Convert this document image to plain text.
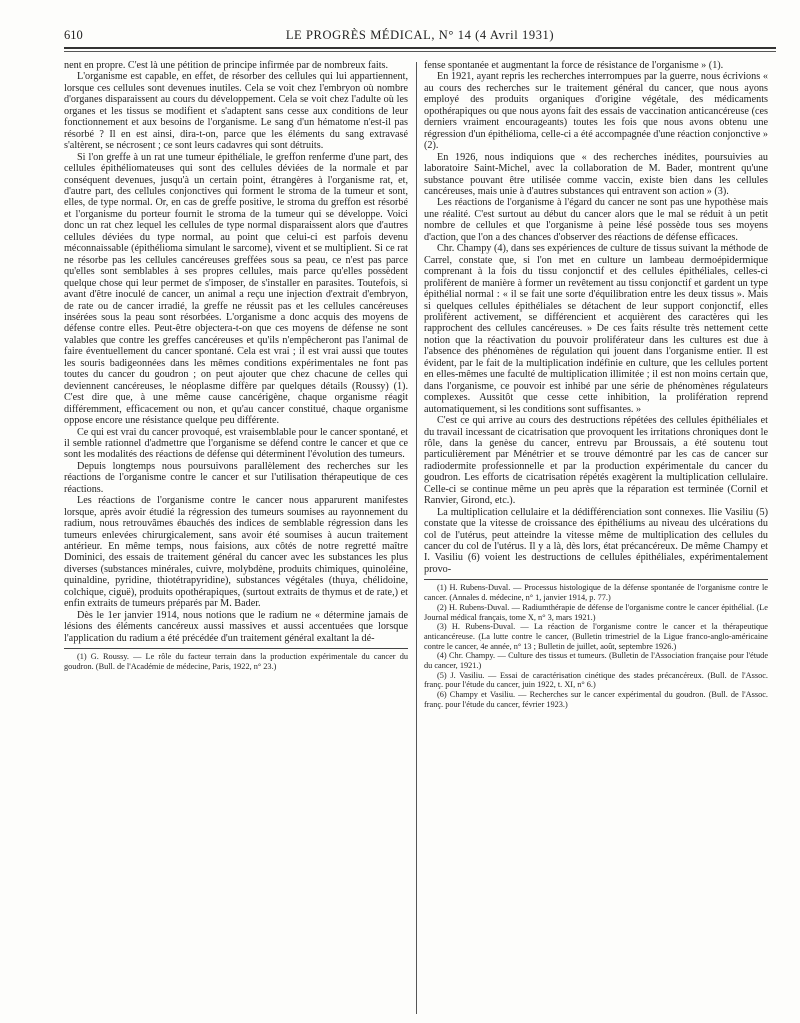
610	LE PROGRÈS MÉDICAL, N° 14 (4 Avril 1931)

nent en propre. C'est là une pétition de principe infirmée par de nombreux faits.

L'organisme est capable, en effet, de résorber des cellules qui lui appartiennent, lorsque ces cellules sont devenues inutiles. Cela se voit chez l'embryon où nombre d'organes disparaissent au cours du développement. Cela se voit chez l'adulte où les organes et les tissus se modifient et s'adaptent sans cesse aux conditions de leur fonctionnement et aux besoins de l'organisme. Le sang d'un hématome n'est-il pas résorbé ? Il en est ainsi, dira-t-on, parce que les éléments du sang extravasé s'altèrent, se nécrosent ; ce sont leurs cadavres qui sont détruits.

Si l'on greffe à un rat une tumeur épithéliale, le greffon renferme d'une part, des cellules épithéliomateuses qui sont des cellules déviées de la normale et par conséquent devenues, jusqu'à un certain point, étrangères à l'organisme rat, et, d'autre part, des cellules conjonctives qui forment le stroma de la tumeur et sont, elles, de type normal. Or, en cas de greffe positive, le stroma du greffon est résorbé et l'organisme du porteur fournit le stroma de la tumeur qui se développe. Voici donc un rat chez lequel les cellules de type normal disparaissent alors que d'autres cellules déviées du type normal, au point que celui-ci est parfois devenu méconnaissable (épithélioma simulant le sarcome), vivent et se multiplient. Si ce rat ne résorbe pas les cellules cancéreuses greffées sous sa peau, ce n'est pas parce qu'elles sont semblables à ses propres cellules, mais parce qu'elles possèdent quelque chose qui leur permet de s'imposer, de s'installer en parasites. Toutefois, si avant d'être inoculé de cancer, un animal a reçu une injection d'extrait d'embryon, de rate ou de cancer irradié, la greffe ne réussit pas et les cellules cancéreuses insérées sous la peau sont résorbées. L'organisme a donc acquis des moyens de défense contre elles. Peut-être objectera-t-on que ces moyens de défense ne sont valables que contre les greffes cancéreuses et qu'ils n'empêcheront pas l'animal de faire éventuellement du cancer spontané. Cela est vrai ; il est vrai aussi que toutes les souris badigeonnées dans les mêmes conditions expérimentales ne font pas toutes du cancer du goudron ; on peut ajouter que chez chacune de celles qui deviennent cancéreuses, le néoplasme diffère par quelques détails (Roussy) (1). C'est dire que, à une même cause cancérigène, chaque organisme réagit différemment, efficacement ou non, et qu'au cancer constitué, chaque organisme oppose encore une résistance quelque peu différente.

Ce qui est vrai du cancer provoqué, est vraisemblable pour le cancer spontané, et il semble rationnel d'admettre que l'organisme se défend contre le cancer et que ce sont les modalités des réactions de défense qui déterminent l'évolution des tumeurs.

Depuis longtemps nous poursuivons parallèlement des recherches sur les réactions de l'organisme contre le cancer et sur l'utilisation thérapeutique de ces réactions.

Les réactions de l'organisme contre le cancer nous apparurent manifestes lorsque, après avoir étudié la régression des tumeurs soumises au rayonnement du radium, nous retrouvâmes ébauchés des indices de semblable régression dans les tumeurs enlevées chirurgicalement, sans avoir été soumises à aucun traitement antérieur. En même temps, nous faisions, aux côtés de notre regretté maître Dominici, des essais de traitement général du cancer avec les substances les plus diverses (substances minérales, cuivre, molybdène, produits chimiques, quinoléine, quinaldine, pyridine, thiotétrapyridine), substances végétales (thuya, chélidoine, colchique, ciguë), produits opothérapiques, (surtout extraits de thymus et de rate,) et enfin extraits de tumeurs préparés par M. Bader.

Dès le 1er janvier 1914, nous notions que le radium ne « détermine jamais de lésions des éléments cancéreux aussi massives et aussi accentuées que lorsque l'application du radium a été précédée d'un traitement général exaltant la dé-

(1) G. Roussy. — Le rôle du facteur terrain dans la production expérimentale du cancer du goudron. (Bull. de l'Académie de médecine, Paris, 1922, n° 23.)

fense spontanée et augmentant la force de résistance de l'organisme » (1).

En 1921, ayant repris les recherches interrompues par la guerre, nous écrivions « au cours des recherches sur le traitement général du cancer, que nous ayons employé des produits organiques d'origine végétale, des médicaments opothérapiques ou que nous ayons fait des essais de vaccination anticancéreuse (ces derniers vraiment encourageants) toutes les fois que nous avons obtenu une régression d'un épithélioma, celle-ci a été accompagnée d'une réaction conjonctive » (2).

En 1926, nous indiquions que « des recherches inédites, poursuivies au laboratoire Saint-Michel, avec la collaboration de M. Bader, montrent qu'une substance pouvant être utilisée comme vaccin, existe bien dans les cellules cancéreuses, mais unie à d'autres substances qui entravent son action » (3).

Les réactions de l'organisme à l'égard du cancer ne sont pas une hypothèse mais une réalité. C'est surtout au début du cancer alors que le mal se réduit à un petit nombre de cellules et que l'organisme à peine lésé possède tous ses moyens d'action, que l'on a des chances d'observer des réactions de défense efficaces.

Chr. Champy (4), dans ses expériences de culture de tissus suivant la méthode de Carrel, constate que, si l'on met en culture un lambeau dermoépidermique comprenant à la fois du tissu conjonctif et des cellules épithéliales, celles-ci prolifèrent de manière à former un revêtement au tissu conjonctif et gardent un type épithélial normal : « il se fait une sorte d'équilibration entre les deux tissus ». Mais si quelques cellules épithéliales se détachent de leur support conjonctif, elles prolifèrent activement, se différencient et acquièrent des caractères qui les rapprochent des cellules cancéreuses. » De ces faits résulte très nettement cette notion que la réactivation du pouvoir proliférateur dans les cultures est due à l'absence des phénomènes de régulation qui jouent dans l'organisme entier. Il est évident, par le fait de la multiplication indéfinie en culture, que les cellules portent en elles-mêmes une faculté de multiplication illimitée ; il est non moins certain que, dans l'organisme, ce pouvoir est inhibé par une série de phénomènes régulateurs complexes. Aussitôt que cesse cette inhibition, la prolifération reprend automatiquement, si les conditions sont suffisantes. »

C'est ce qui arrive au cours des destructions répétées des cellules épithéliales et du travail incessant de cicatrisation que provoquent les irritations chroniques dont le rôle, dans la genèse du cancer, entrevu par Broussais, a été soutenu tout particulièrement par Ménétrier et se trouve démontré par les cas de cancer sur radiodermite professionnelle et par la production expérimentale du cancer du goudron. Les efforts de cicatrisation répétés exagèrent la multiplication cellulaire. Celle-ci se continue même un peu après que la réparation est terminée (Cornil et Ranvier, Girond, etc.).

La multiplication cellulaire et la dédifférenciation sont connexes. Ilie Vasiliu (5) constate que la vitesse de croissance des épithéliums au niveau des ulcérations du col de l'utérus, peut atteindre la vitesse même de multiplication des cellules du cancer du col de l'utérus. Il y a là, dès lors, état précancéreux. De même Champy et I. Vasiliu (6) voient les destructions de cellules épithéliales, expérimentalement provo-

(1) H. Rubens-Duval. — Processus histologique de la défense spontanée de l'organisme contre le cancer. (Annales d. médecine, n° 1, janvier 1914, p. 77.)

(2) H. Rubens-Duval. — Radiumthérapie de défense de l'organisme contre le cancer épithélial. (Le Journal médical français, tome X, n° 3, mars 1921.)

(3) H. Rubens-Duval. — La réaction de l'organisme contre le cancer et la thérapeutique anticancéreuse. (La lutte contre le cancer, (Bulletin trimestriel de la Ligue franco-anglo-américaine contre le cancer, 4e année, n° 13 ; Bulletin de juillet, août, septembre 1926.)

(4) Chr. Champy. — Culture des tissus et tumeurs. (Bulletin de l'Association française pour l'étude du cancer, 1921.)

(5) J. Vasiliu. — Essai de caractérisation cinétique des stades précancéreux. (Bull. de l'Assoc. franç. pour l'étude du cancer, juin 1922, t. XI, n° 6.)

(6) Champy et Vasiliu. — Recherches sur le cancer expérimental du goudron. (Bull. de l'Assoc. franç. pour l'étude du cancer, février 1923.)
